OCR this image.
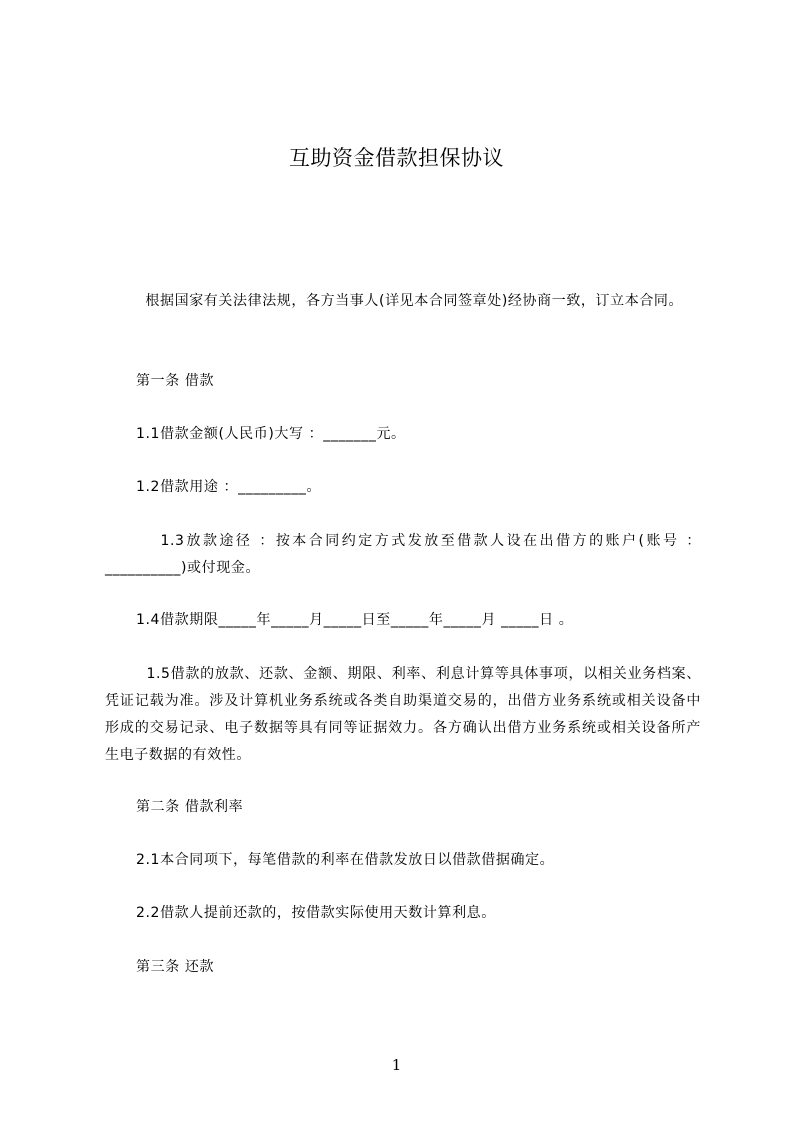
互助资金借款担保协议
根据国家有关法律法规，各方当事人(详见本合同签章处)经协商一致，订立本合同。
第一条 借款
1.1借款金额(人民币)大写 ：_______元。
1.2借款用途 ：_________。
1.3放款途径 ：按本合同约定方式发放至借款人设在出借方的账户(账号 ：__________)或付现金。
1.4借款期限_____年_____月_____日至_____年_____月 _____日 。
1.5借款的放款、还款、金额、期限、利率、利息计算等具体事项，以相关业务档案、凭证记载为准。涉及计算机业务系统或各类自助渠道交易的，出借方业务系统或相关设备中形成的交易记录、电子数据等具有同等证据效力。各方确认出借方业务系统或相关设备所产生电子数据的有效性。
第二条 借款利率
2.1本合同项下，每笔借款的利率在借款发放日以借款借据确定。
2.2借款人提前还款的，按借款实际使用天数计算利息。
第三条 还款
1
